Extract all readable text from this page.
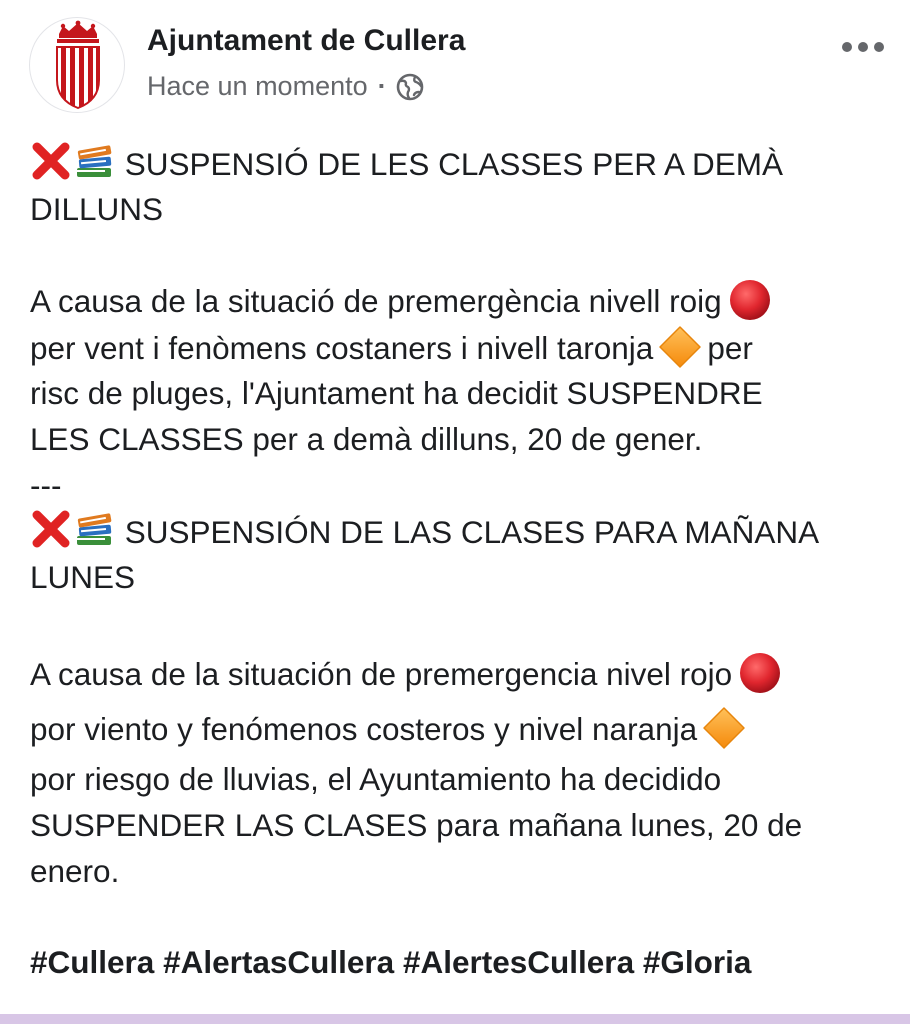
Ajuntament de Cullera
Hace un momento ·
SUSPENSIÓ DE LES CLASSES PER A DEMÀ
DILLUNS
A causa de la situació de premergència nivell roig
per vent i fenòmens costaners i nivell taronja per
risc de pluges, l'Ajuntament ha decidit SUSPENDRE
LES CLASSES per a demà dilluns, 20 de gener.
---
SUSPENSIÓN DE LAS CLASES PARA MAÑANA
LUNES
A causa de la situación de premergencia nivel rojo
por viento y fenómenos costeros y nivel naranja
por riesgo de lluvias, el Ayuntamiento ha decidido
SUSPENDER LAS CLASES para mañana lunes, 20 de
enero.
#Cullera #AlertasCullera #AlertesCullera #Gloria
